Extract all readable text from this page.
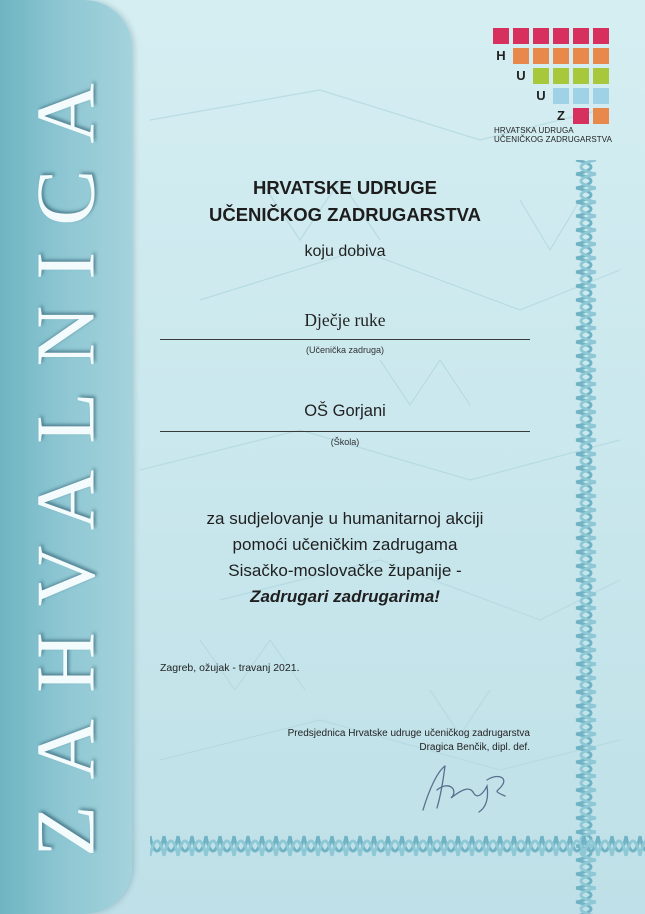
ZAHVALNICA
H
U
U
Z
HRVATSKA UDRUGA
UČENIČKOG ZADRUGARSTVA
HRVATSKE UDRUGE
UČENIČKOG ZADRUGARSTVA
koju dobiva
Dječje ruke
(Učenička zadruga)
OŠ Gorjani
(Škola)
za sudjelovanje u humanitarnoj akciji
pomoći učeničkim zadrugama
Sisačko-moslovačke županije -
Zadrugari zadrugarima!
Zagreb, ožujak - travanj 2021.
Predsjednica Hrvatske udruge učeničkog zadrugarstva
Dragica Benčik, dipl. def.
